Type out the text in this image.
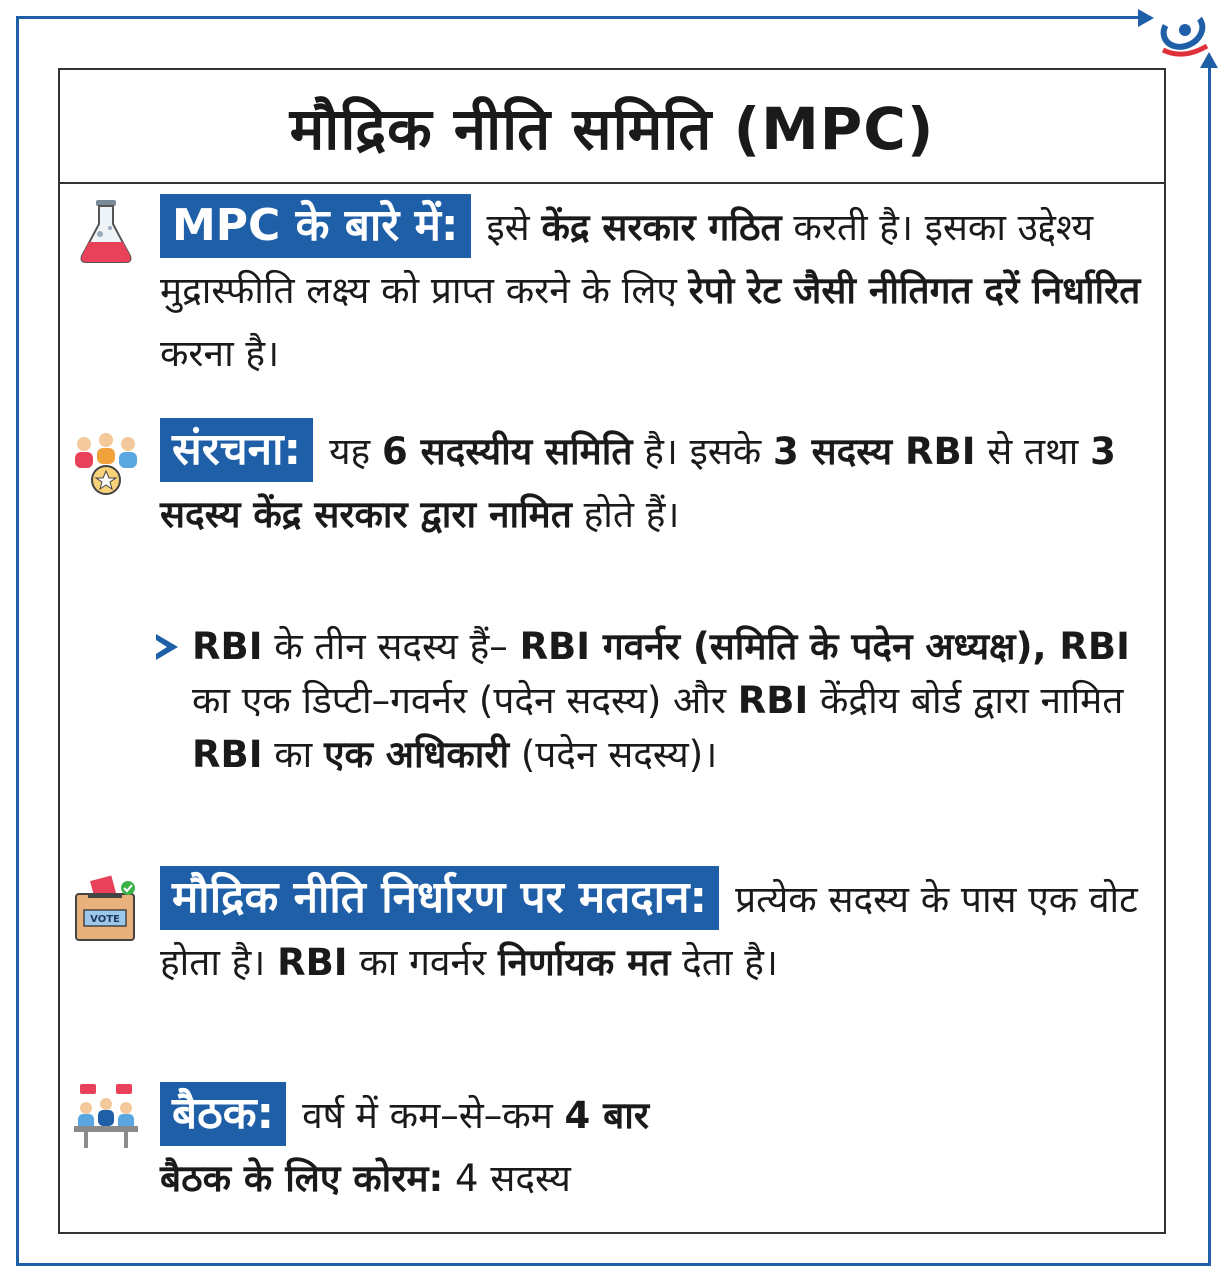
मौद्रिक नीति समिति (MPC)
MPC के बारे में: इसे केंद्र सरकार गठित करती है। इसका उद्देश्य मुद्रास्फीति लक्ष्य को प्राप्त करने के लिए रेपो रेट जैसी नीतिगत दरें निर्धारित करना है।
संरचना: यह 6 सदस्यीय समिति है। इसके 3 सदस्य RBI से तथा 3 सदस्य केंद्र सरकार द्वारा नामित होते हैं।
RBI के तीन सदस्य हैं– RBI गवर्नर (समिति के पदेन अध्यक्ष), RBI का एक डिप्टी–गवर्नर (पदेन सदस्य) और RBI केंद्रीय बोर्ड द्वारा नामित RBI का एक अधिकारी (पदेन सदस्य)।
VOTE मौद्रिक नीति निर्धारण पर मतदान: प्रत्येक सदस्य के पास एक वोट होता है। RBI का गवर्नर निर्णायक मत देता है।
बैठक: वर्ष में कम–से–कम 4 बार
बैठक के लिए कोरम: 4 सदस्य
